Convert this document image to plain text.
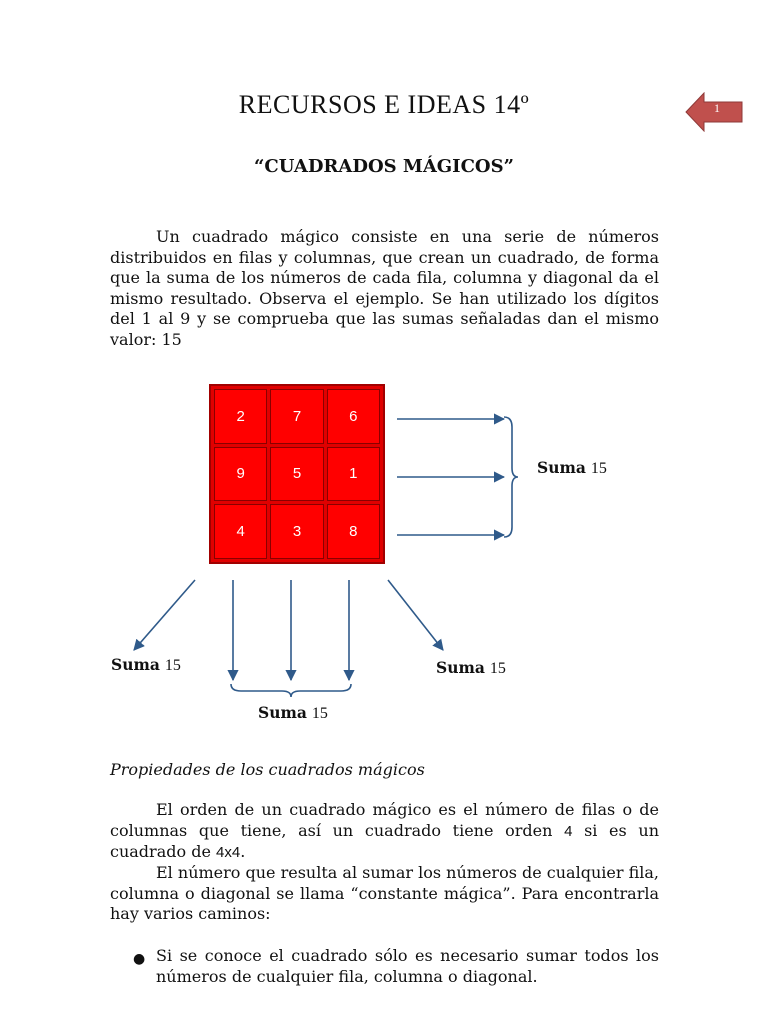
RECURSOS E IDEAS 14º	1
“CUADRADOS MÁGICOS”

Un cuadrado mágico consiste en una serie de números distribuidos en filas y columnas, que crean un cuadrado, de forma que la suma de los números de cada fila, columna y diagonal da el mismo resultado. Observa el ejemplo. Se han utilizado los dígitos del 1 al 9 y se comprueba que las sumas señaladas dan el mismo valor: 15

2	7	6
9	5	1
4	3	8
Suma 15
Suma 15	Suma 15
Suma 15
Propiedades de los cuadrados mágicos

El orden de un cuadrado mágico es el número de filas o de columnas que tiene, así un cuadrado tiene orden 4 si es un cuadrado de 4x4.

El número que resulta al sumar los números de cualquier fila, columna o diagonal se llama “constante mágica”. Para encontrarla hay varios caminos:

● Si se conoce el cuadrado sólo es necesario sumar todos los números de cualquier fila, columna o diagonal.
